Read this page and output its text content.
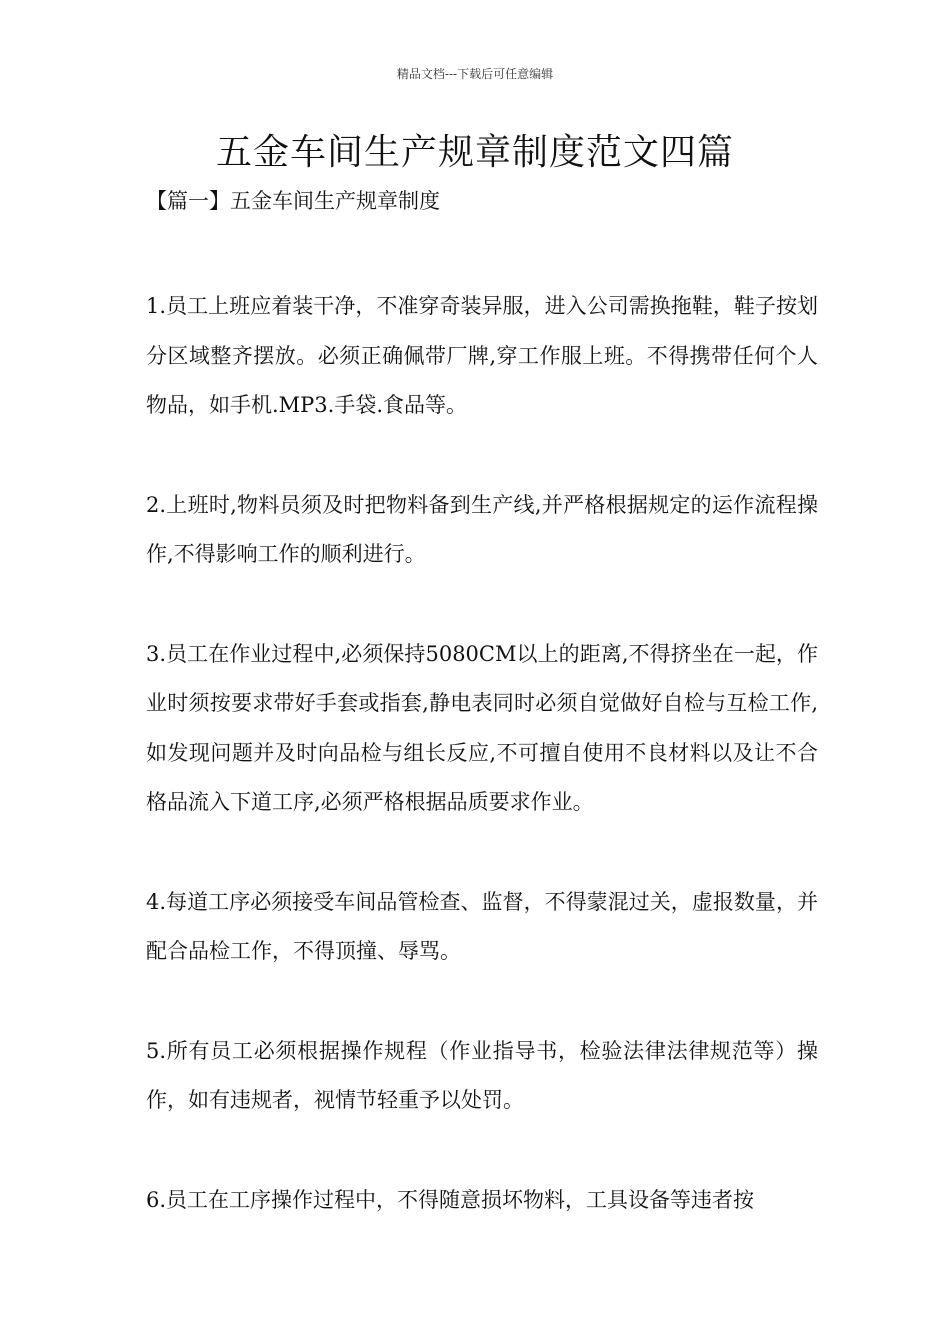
精品文档---下载后可任意编辑
五金车间生产规章制度范文四篇
【篇一】五金车间生产规章制度

1.员工上班应着装干净，不准穿奇装异服，进入公司需换拖鞋，鞋子按划分区域整齐摆放。必须正确佩带厂牌,穿工作服上班。不得携带任何个人物品，如手机.MP3.手袋.食品等。

2.上班时,物料员须及时把物料备到生产线,并严格根据规定的运作流程操作,不得影响工作的顺利进行。

3.员工在作业过程中,必须保持5080CM以上的距离,不得挤坐在一起，作业时须按要求带好手套或指套,静电表同时必须自觉做好自检与互检工作,如发现问题并及时向品检与组长反应,不可擅自使用不良材料以及让不合格品流入下道工序,必须严格根据品质要求作业。

4.每道工序必须接受车间品管检查、监督，不得蒙混过关，虚报数量，并配合品检工作，不得顶撞、辱骂。

5.所有员工必须根据操作规程（作业指导书，检验法律法律规范等）操作，如有违规者，视情节轻重予以处罚。

6.员工在工序操作过程中，不得随意损坏物料，工具设备等违者按
